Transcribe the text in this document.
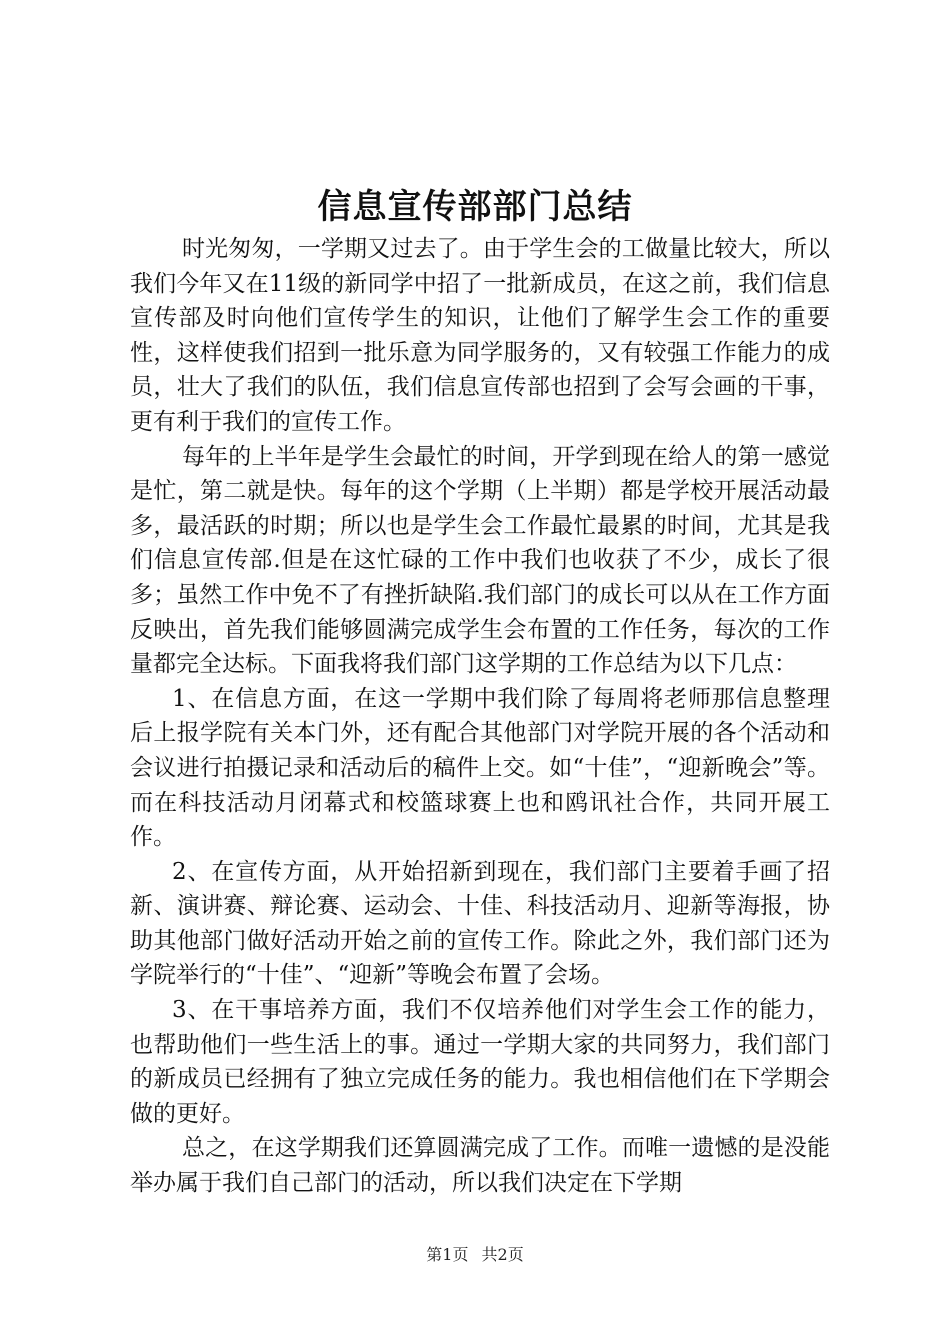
信息宣传部部门总结

时光匆匆，一学期又过去了。由于学生会的工做量比较大，所以我们今年又在11级的新同学中招了一批新成员，在这之前，我们信息宣传部及时向他们宣传学生的知识，让他们了解学生会工作的重要性，这样使我们招到一批乐意为同学服务的，又有较强工作能力的成员，壮大了我们的队伍，我们信息宣传部也招到了会写会画的干事，更有利于我们的宣传工作。

每年的上半年是学生会最忙的时间，开学到现在给人的第一感觉是忙，第二就是快。每年的这个学期（上半期）都是学校开展活动最多，最活跃的时期；所以也是学生会工作最忙最累的时间，尤其是我们信息宣传部.但是在这忙碌的工作中我们也收获了不少，成长了很多；虽然工作中免不了有挫折缺陷.我们部门的成长可以从在工作方面反映出，首先我们能够圆满完成学生会布置的工作任务，每次的工作量都完全达标。下面我将我们部门这学期的工作总结为以下几点：

1、在信息方面，在这一学期中我们除了每周将老师那信息整理后上报学院有关本门外，还有配合其他部门对学院开展的各个活动和会议进行拍摄记录和活动后的稿件上交。如“十佳”，“迎新晚会”等。而在科技活动月闭幕式和校篮球赛上也和鸥讯社合作，共同开展工作。

2、在宣传方面，从开始招新到现在，我们部门主要着手画了招新、演讲赛、辩论赛、运动会、十佳、科技活动月、迎新等海报，协助其他部门做好活动开始之前的宣传工作。除此之外，我们部门还为学院举行的“十佳”、“迎新”等晚会布置了会场。

3、在干事培养方面，我们不仅培养他们对学生会工作的能力，也帮助他们一些生活上的事。通过一学期大家的共同努力，我们部门的新成员已经拥有了独立完成任务的能力。我也相信他们在下学期会做的更好。

总之，在这学期我们还算圆满完成了工作。而唯一遗憾的是没能举办属于我们自己部门的活动，所以我们决定在下学期

第1页 共2页
